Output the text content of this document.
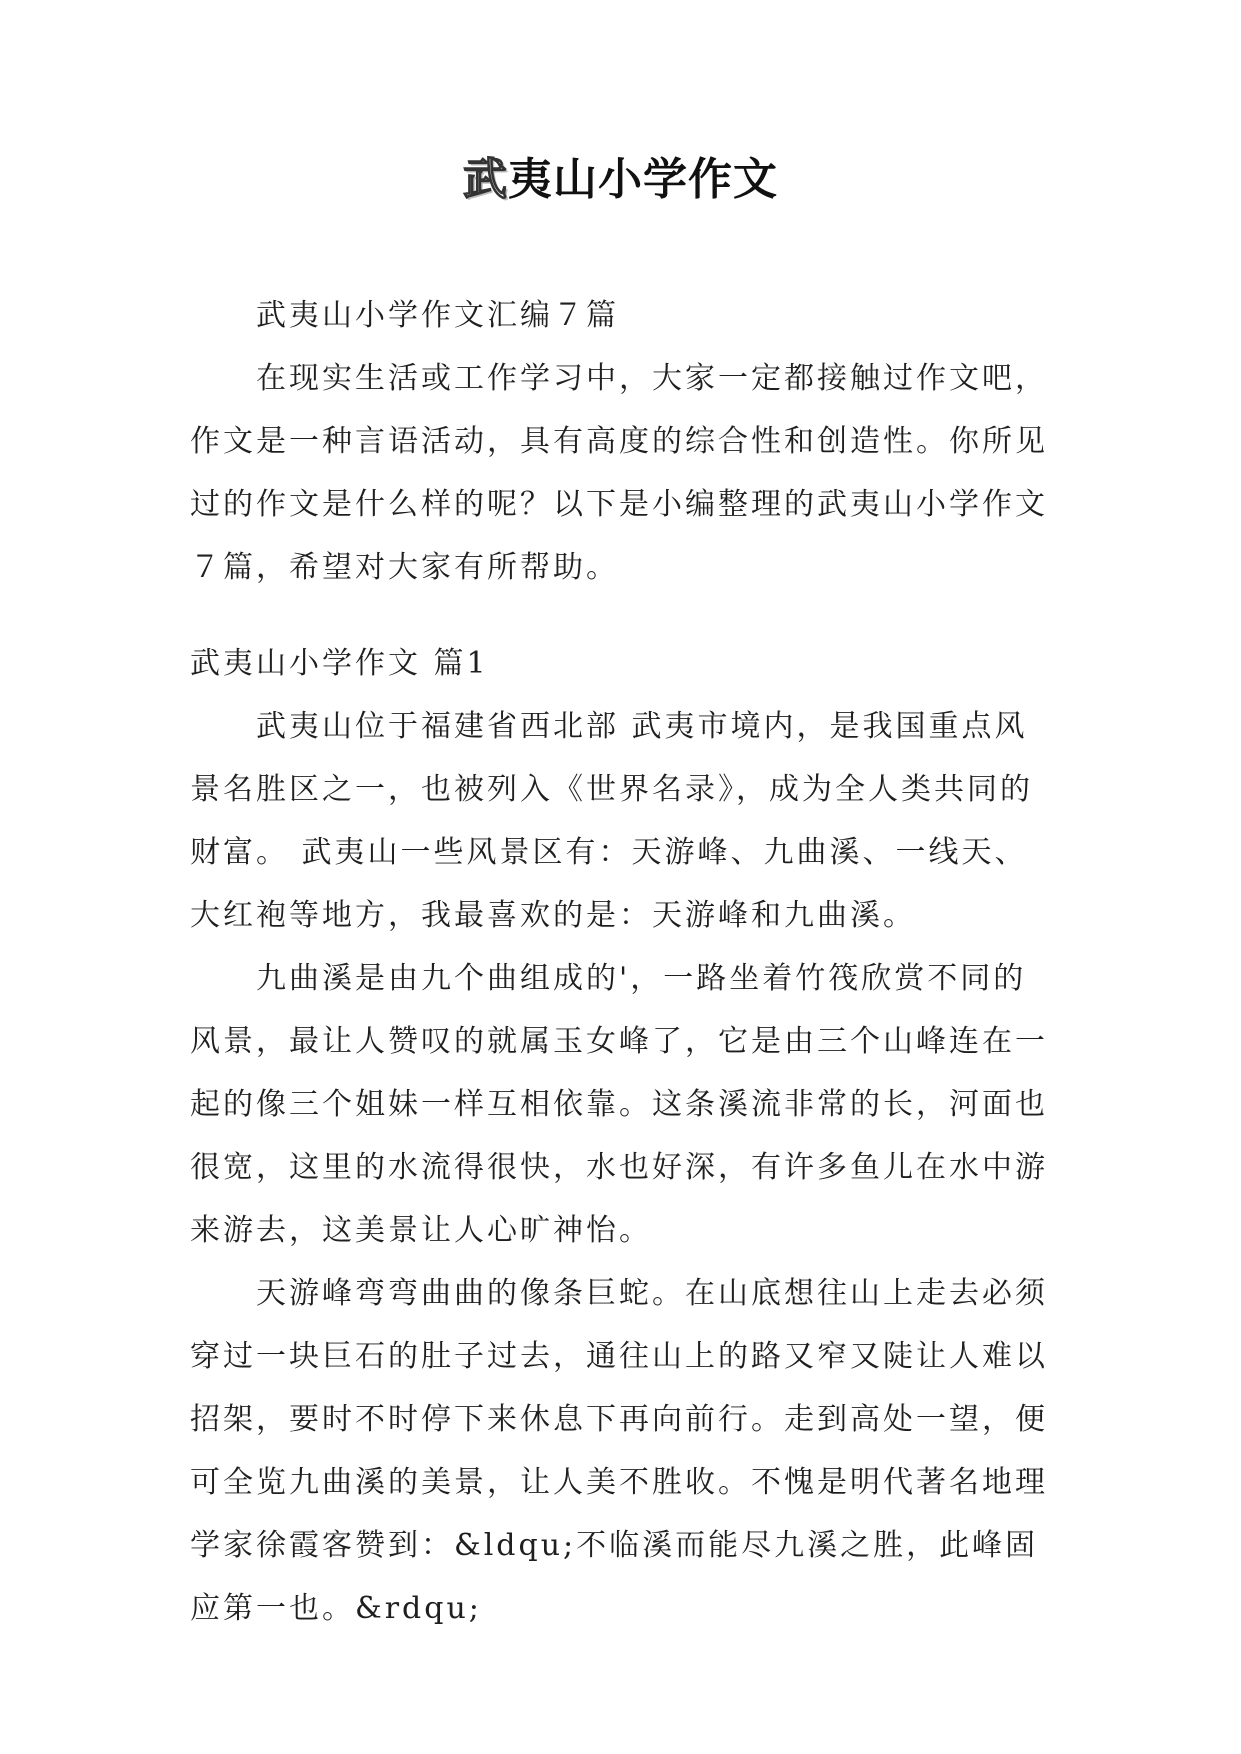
武夷山小学作文

武夷山小学作文汇编７篇

在现实生活或工作学习中，大家一定都接触过作文吧，作文是一种言语活动，具有高度的综合性和创造性。你所见过的作文是什么样的呢？以下是小编整理的武夷山小学作文７篇，希望对大家有所帮助。

武夷山小学作文 篇1

武夷山位于福建省西北部 武夷市境内，是我国重点风景名胜区之一，也被列入《世界名录》，成为全人类共同的财富。 武夷山一些风景区有：天游峰、九曲溪、一线天、大红袍等地方，我最喜欢的是：天游峰和九曲溪。

九曲溪是由九个曲组成的'，一路坐着竹筏欣赏不同的风景，最让人赞叹的就属玉女峰了，它是由三个山峰连在一起的像三个姐妹一样互相依靠。这条溪流非常的长，河面也很宽，这里的水流得很快，水也好深，有许多鱼儿在水中游来游去，这美景让人心旷神怡。

天游峰弯弯曲曲的像条巨蛇。在山底想往山上走去必须穿过一块巨石的肚子过去，通往山上的路又窄又陡让人难以招架，要时不时停下来休息下再向前行。走到高处一望，便可全览九曲溪的美景，让人美不胜收。不愧是明代著名地理学家徐霞客赞到：&ldqu;不临溪而能尽九溪之胜，此峰固应第一也。&rdqu;
